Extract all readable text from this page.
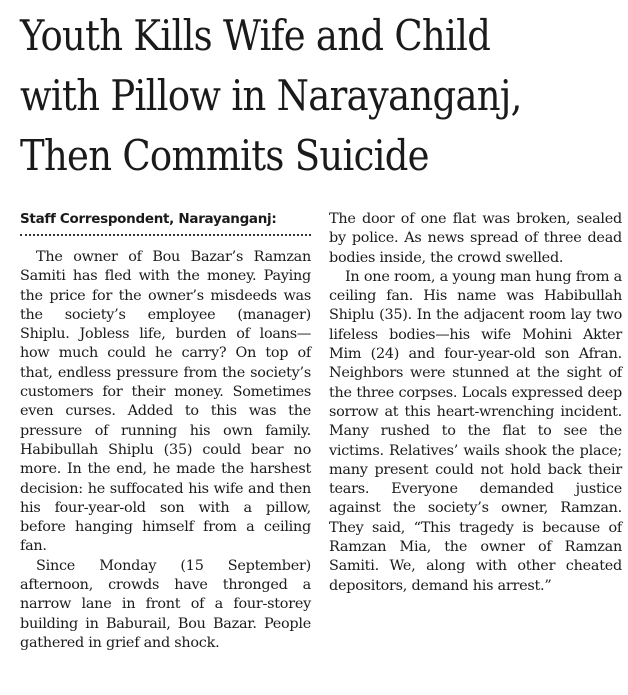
Youth Kills Wife and Child
with Pillow in Narayanganj,
Then Commits Suicide
Staff Correspondent, Narayanganj:

The owner of Bou Bazar’s Ramzan Samiti has fled with the money. Paying the price for the owner’s misdeeds was the society’s employee (manager) Shiplu. Jobless life, burden of loans—how much could he carry? On top of that, endless pressure from the society’s customers for their money. Sometimes even curses. Added to this was the pressure of running his own family. Habibullah Shiplu (35) could bear no more. In the end, he made the harshest decision: he suffocated his wife and then his four-year-old son with a pillow, before hanging himself from a ceiling fan.

Since Monday (15 September) afternoon, crowds have thronged a narrow lane in front of a four-storey building in Baburail, Bou Bazar. People gathered in grief and shock.

The door of one flat was broken, sealed by police. As news spread of three dead bodies inside, the crowd swelled.

In one room, a young man hung from a ceiling fan. His name was Habibullah Shiplu (35). In the adjacent room lay two lifeless bodies—his wife Mohini Akter Mim (24) and four-year-old son Afran. Neighbors were stunned at the sight of the three corpses. Locals expressed deep sorrow at this heart-wrenching incident. Many rushed to the flat to see the victims. Relatives’ wails shook the place; many present could not hold back their tears. Everyone demanded justice against the society’s owner, Ramzan. They said, “This tragedy is because of Ramzan Mia, the owner of Ramzan Samiti. We, along with other cheated depositors, demand his arrest.”
